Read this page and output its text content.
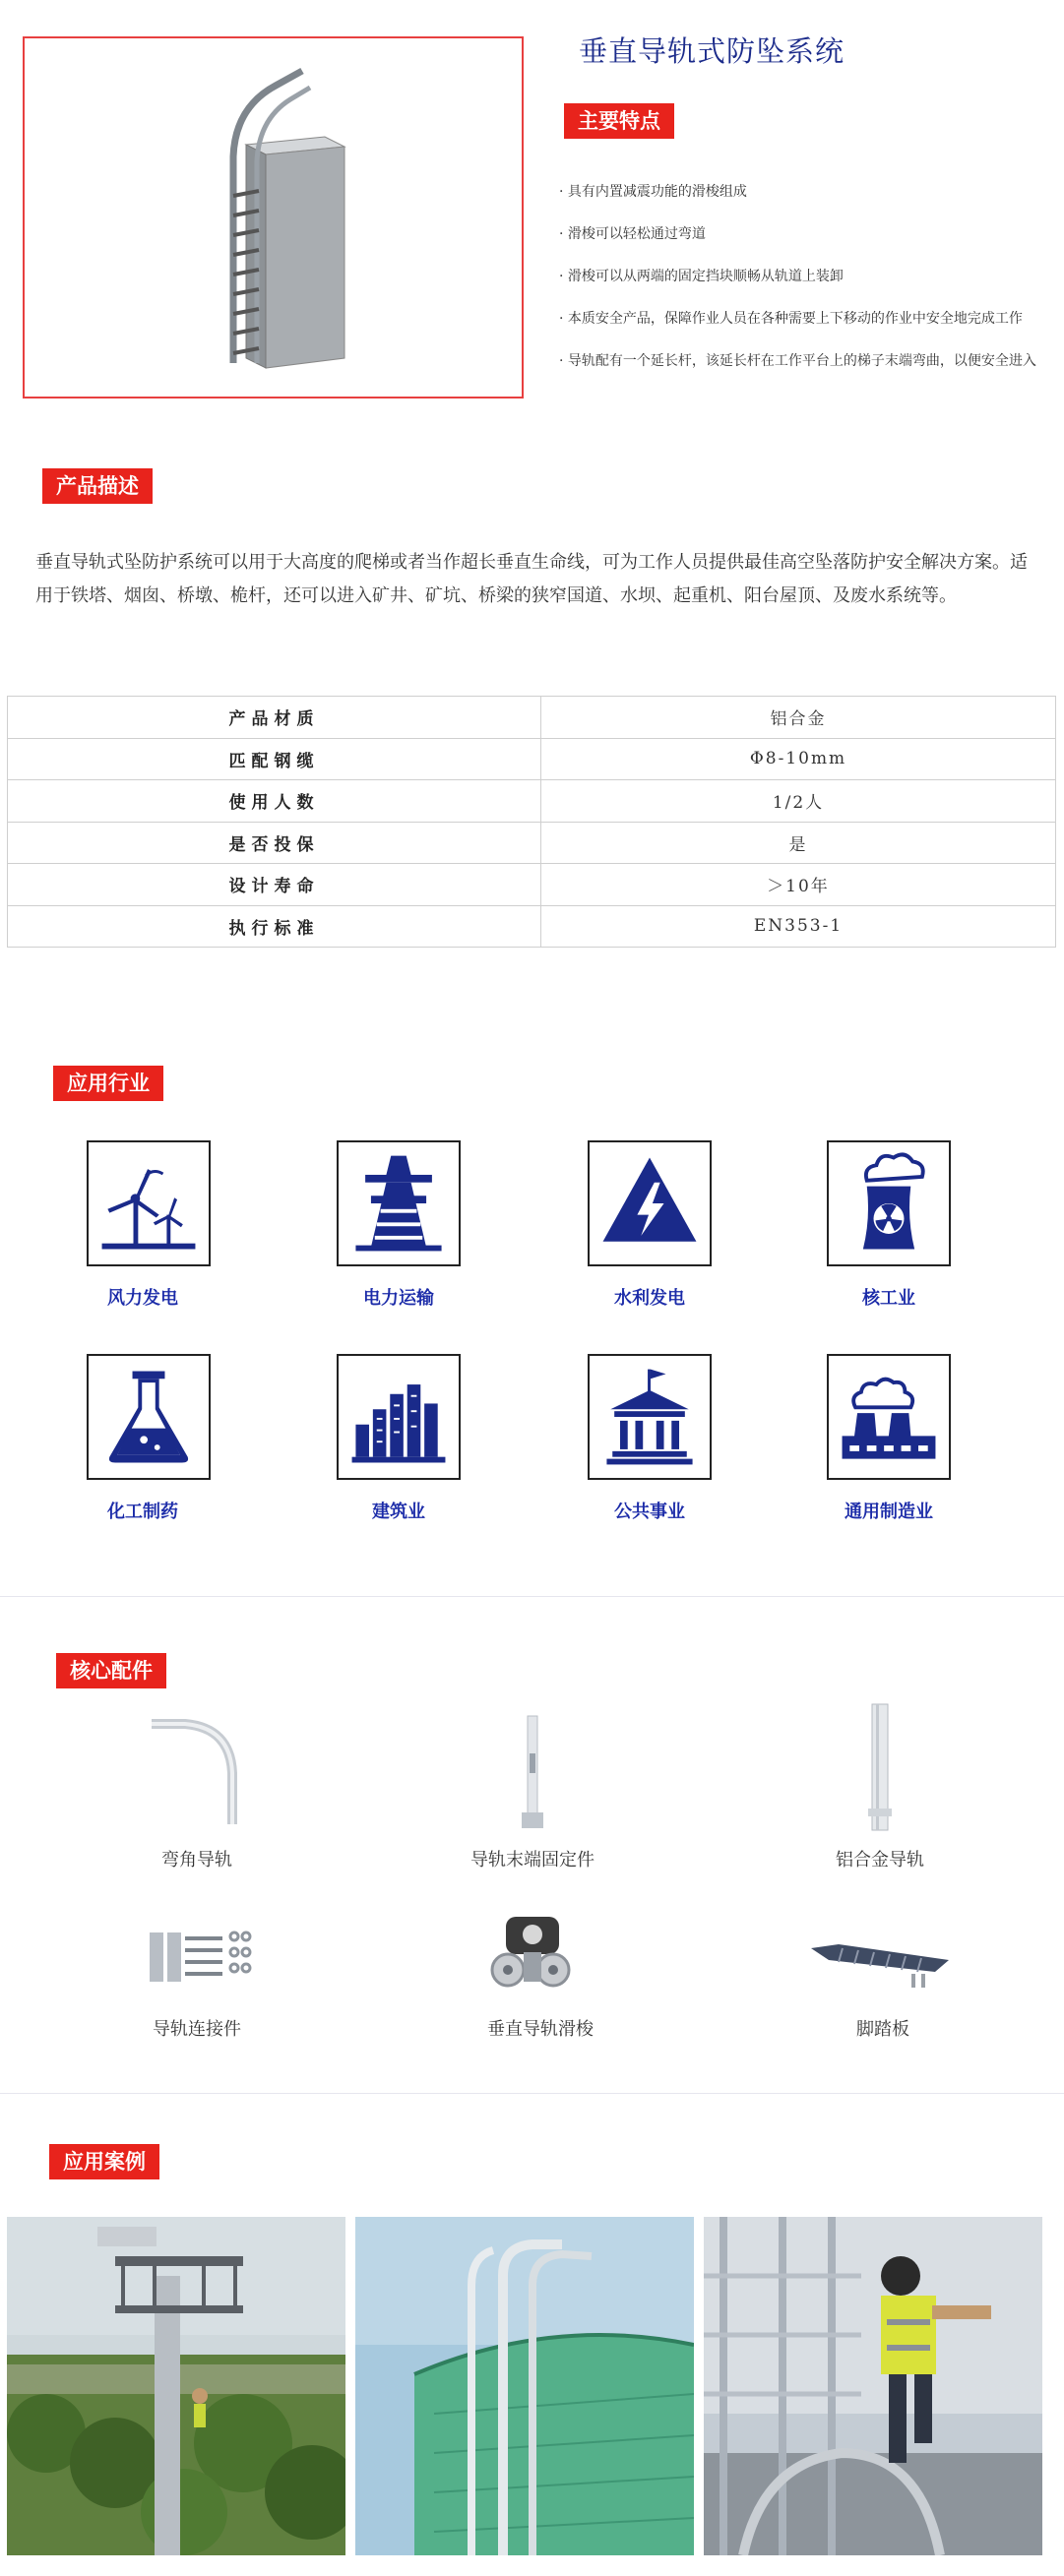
垂直导轨式防坠系统
主要特点
· 具有内置减震功能的滑梭组成
· 滑梭可以轻松通过弯道
· 滑梭可以从两端的固定挡块顺畅从轨道上装卸
· 本质安全产品，保障作业人员在各种需要上下移动的作业中安全地完成工作
· 导轨配有一个延长杆，该延长杆在工作平台上的梯子末端弯曲，以便安全进入
产品描述
垂直导轨式坠防护系统可以用于大高度的爬梯或者当作超长垂直生命线，可为工作人员提供最佳高空坠落防护安全解决方案。适用于铁塔、烟囱、桥墩、桅杆，还可以进入矿井、矿坑、桥梁的狭窄国道、水坝、起重机、阳台屋顶、及废水系统等。
产品材质	铝合金
匹配钢缆	Φ8-10mm
使用人数	1/2人
是否投保	是
设计寿命	＞10年
执行标准	EN353-1
应用行业
风力发电	电力运输	水利发电	核工业
化工制药	建筑业	公共事业	通用制造业
核心配件
弯角导轨	导轨末端固定件	铝合金导轨
导轨连接件	垂直导轨滑梭	脚踏板
应用案例
